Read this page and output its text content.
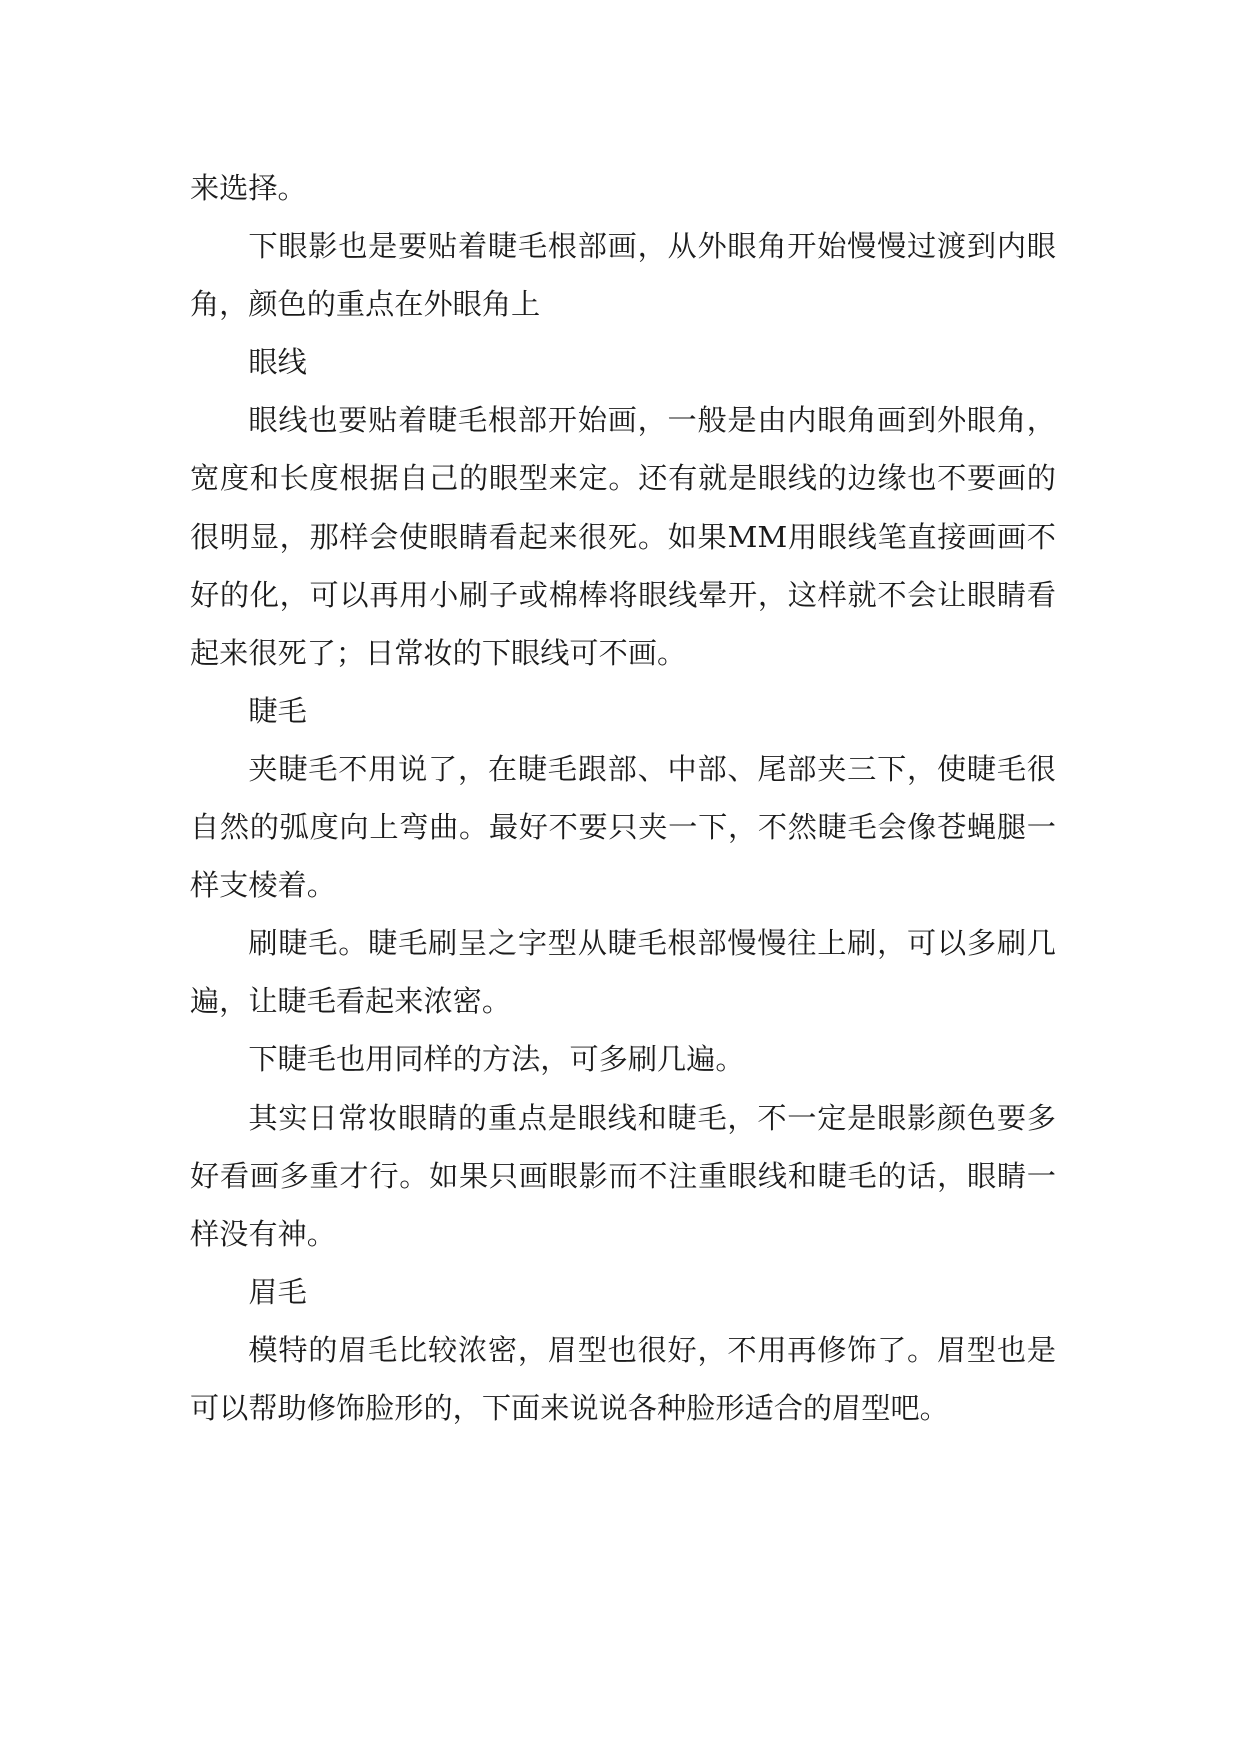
来选择。

下眼影也是要贴着睫毛根部画，从外眼角开始慢慢过渡到内眼角，颜色的重点在外眼角上

眼线

眼线也要贴着睫毛根部开始画，一般是由内眼角画到外眼角，宽度和长度根据自己的眼型来定。还有就是眼线的边缘也不要画的很明显，那样会使眼睛看起来很死。如果MM用眼线笔直接画画不好的化，可以再用小刷子或棉棒将眼线晕开，这样就不会让眼睛看起来很死了；日常妆的下眼线可不画。

睫毛

夹睫毛不用说了，在睫毛跟部、中部、尾部夹三下，使睫毛很自然的弧度向上弯曲。最好不要只夹一下，不然睫毛会像苍蝇腿一样支棱着。

刷睫毛。睫毛刷呈之字型从睫毛根部慢慢往上刷，可以多刷几遍，让睫毛看起来浓密。

下睫毛也用同样的方法，可多刷几遍。

其实日常妆眼睛的重点是眼线和睫毛，不一定是眼影颜色要多好看画多重才行。如果只画眼影而不注重眼线和睫毛的话，眼睛一样没有神。

眉毛

模特的眉毛比较浓密，眉型也很好，不用再修饰了。眉型也是可以帮助修饰脸形的，下面来说说各种脸形适合的眉型吧。
